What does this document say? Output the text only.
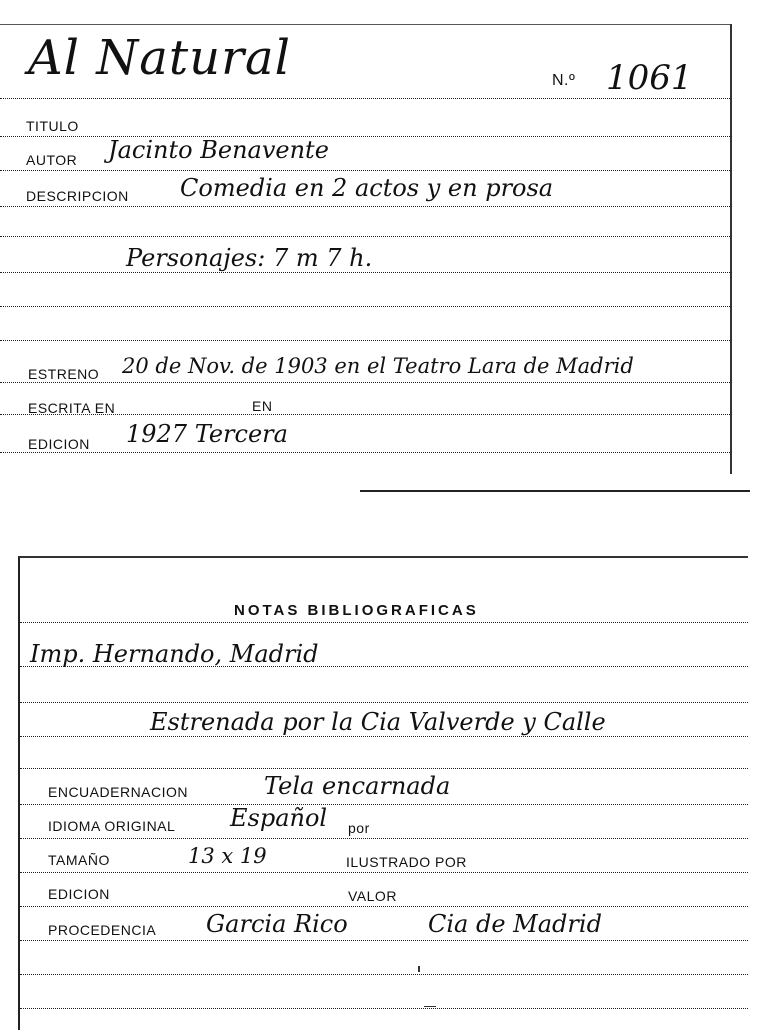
Al Natural	N.º 1061
TITULO
AUTOR Jacinto Benavente
DESCRIPCION Comedia en 2 actos y en prosa
Personajes: 7 m 7 h.
ESTRENO 20 de Nov. de 1903 en el Teatro Lara de Madrid
ESCRITA EN	EN
EDICION 1927 Tercera
NOTAS BIBLIOGRAFICAS
Imp. Hernando, Madrid
Estrenada por la Cia Valverde y Calle
ENCUADERNACION	Tela encarnada
IDIOMA ORIGINAL Español por
TAMAÑO	13 x 19	ILUSTRADO POR
EDICION	VALOR
PROCEDENCIA Garcia Rico	Cia de Madrid
